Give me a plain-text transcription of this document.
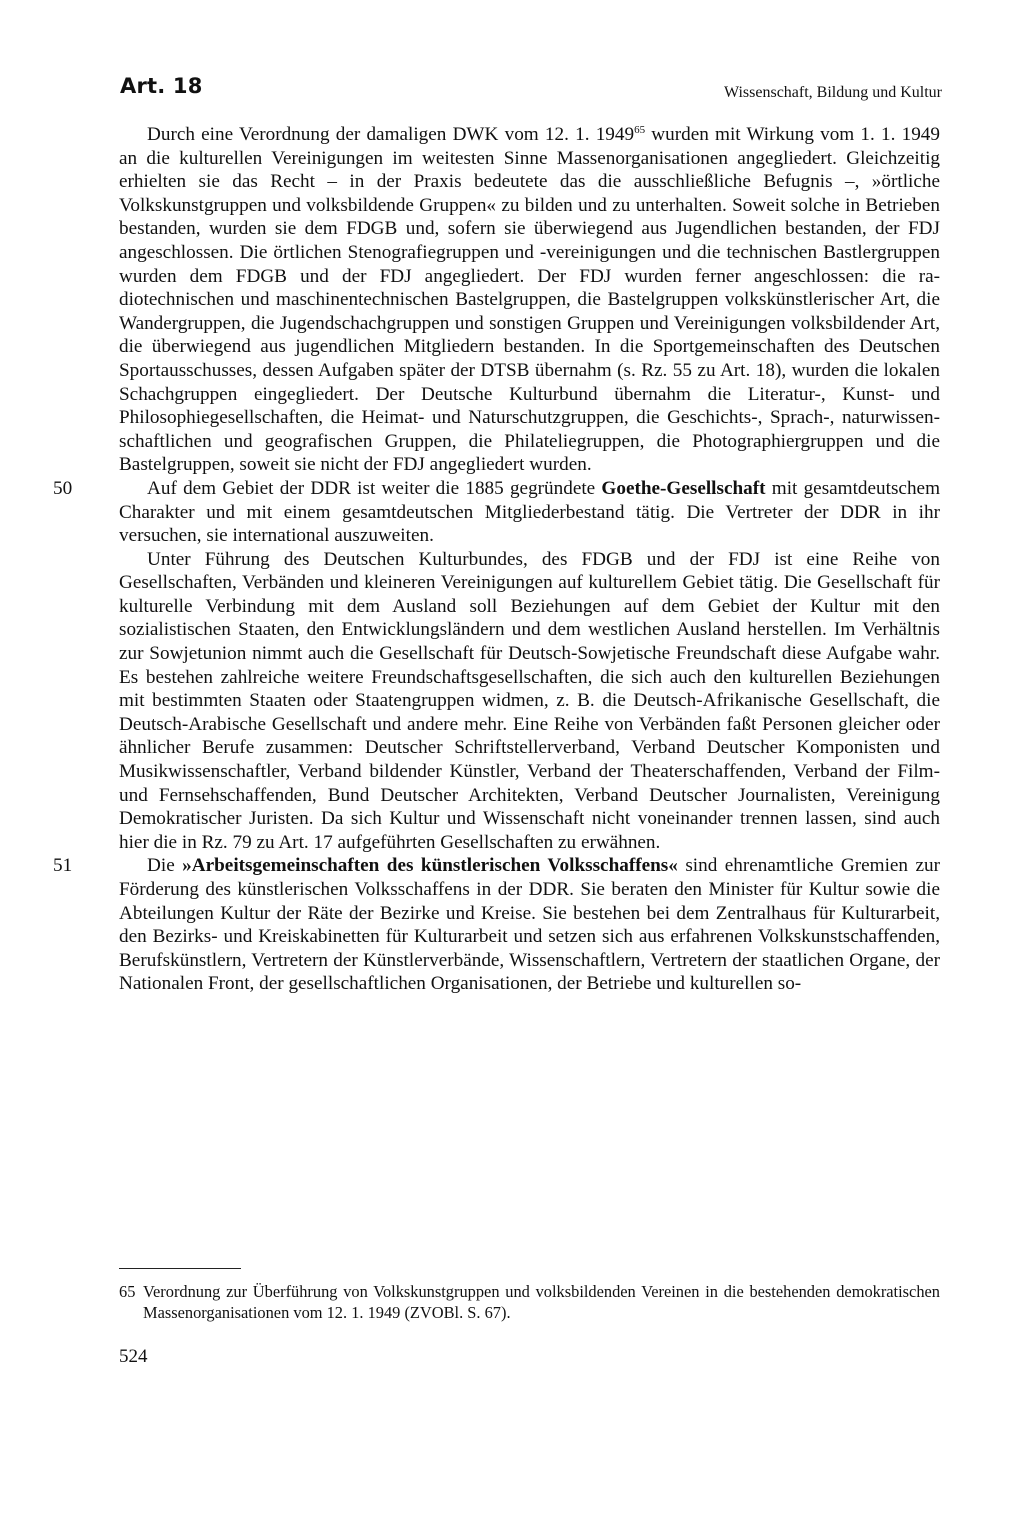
Art. 18	Wissenschaft, Bildung und Kultur

Durch eine Verordnung der damaligen DWK vom 12. 1. 1949$^{65}$ wurden mit Wirkung vom 1. 1. 1949 an die kulturellen Vereinigungen im weitesten Sinne Massenorganisationen angegliedert. Gleichzeitig erhielten sie das Recht – in der Praxis bedeutete das die ausschließliche Befugnis –, »örtliche Volkskunstgruppen und volksbildende Gruppen« zu bilden und zu unterhalten. Soweit solche in Betrieben bestanden, wurden sie dem FDGB und, sofern sie überwiegend aus Jugendlichen bestanden, der FDJ angeschlossen. Die örtlichen Stenografiegruppen und -vereinigungen und die technischen Bastlergruppen wurden dem FDGB und der FDJ angegliedert. Der FDJ wurden ferner angeschlossen: die radiotechnischen und maschinentechnischen Bastelgruppen, die Bastelgruppen volkskünstlerischer Art, die Wandergruppen, die Jugendschachgruppen und sonstigen Gruppen und Vereinigungen volksbildender Art, die überwiegend aus jugendlichen Mitgliedern bestanden. In die Sportgemeinschaften des Deutschen Sportausschusses, dessen Aufgaben später der DTSB übernahm (s. Rz. 55 zu Art. 18), wurden die lokalen Schachgruppen eingegliedert. Der Deutsche Kulturbund übernahm die Literatur-, Kunst- und Philosophiegesellschaften, die Heimat- und Naturschutzgruppen, die Geschichts-, Sprach-, naturwissenschaftlichen und geografischen Gruppen, die Philateliegruppen, die Photographiergruppen und die Bastelgruppen, soweit sie nicht der FDJ angegliedert wurden.

50	Auf dem Gebiet der DDR ist weiter die 1885 gegründete Goethe-Gesellschaft mit gesamtdeutschem Charakter und mit einem gesamtdeutschen Mitgliederbestand tätig. Die Vertreter der DDR in ihr versuchen, sie international auszuweiten.

Unter Führung des Deutschen Kulturbundes, des FDGB und der FDJ ist eine Reihe von Gesellschaften, Verbänden und kleineren Vereinigungen auf kulturellem Gebiet tätig. Die Gesellschaft für kulturelle Verbindung mit dem Ausland soll Beziehungen auf dem Gebiet der Kultur mit den sozialistischen Staaten, den Entwicklungsländern und dem westlichen Ausland herstellen. Im Verhältnis zur Sowjetunion nimmt auch die Gesellschaft für Deutsch-Sowjetische Freundschaft diese Aufgabe wahr. Es bestehen zahlreiche weitere Freundschaftsgesellschaften, die sich auch den kulturellen Beziehungen mit bestimmten Staaten oder Staatengruppen widmen, z. B. die Deutsch-Afrikanische Gesellschaft, die Deutsch-Arabische Gesellschaft und andere mehr. Eine Reihe von Verbänden faßt Personen gleicher oder ähnlicher Berufe zusammen: Deutscher Schriftstellerverband, Verband Deutscher Komponisten und Musikwissenschaftler, Verband bildender Künstler, Verband der Theaterschaffenden, Verband der Film- und Fernsehschaffenden, Bund Deutscher Architekten, Verband Deutscher Journalisten, Vereinigung Demokratischer Juristen. Da sich Kultur und Wissenschaft nicht voneinander trennen lassen, sind auch hier die in Rz. 79 zu Art. 17 aufgeführten Gesellschaften zu erwähnen.

51	Die »Arbeitsgemeinschaften des künstlerischen Volksschaffens« sind ehrenamtliche Gremien zur Förderung des künstlerischen Volksschaffens in der DDR. Sie beraten den Minister für Kultur sowie die Abteilungen Kultur der Räte der Bezirke und Kreise. Sie bestehen bei dem Zentralhaus für Kulturarbeit, den Bezirks- und Kreiskabinetten für Kulturarbeit und setzen sich aus erfahrenen Volkskunstschaffenden, Berufskünstlern, Vertretern der Künstlerverbände, Wissenschaftlern, Vertretern der staatlichen Organe, der Nationalen Front, der gesellschaftlichen Organisationen, der Betriebe und kulturellen so-

65 Verordnung zur Überführung von Volkskunstgruppen und volksbildenden Vereinen in die bestehenden demokratischen Massenorganisationen vom 12. 1. 1949 (ZVOBl. S. 67).
524
